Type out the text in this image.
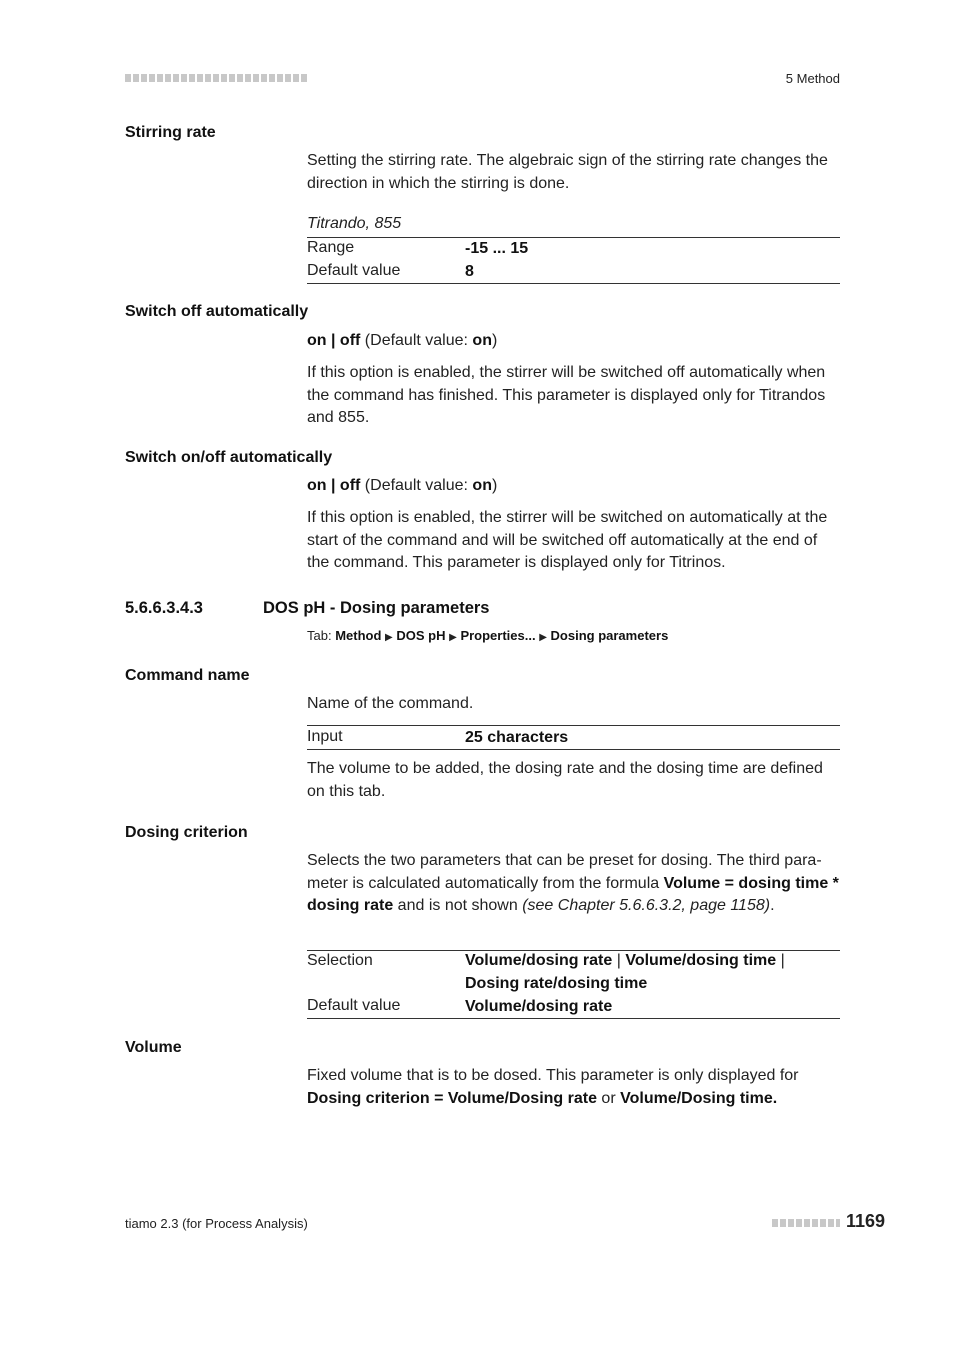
5 Method
Stirring rate
Setting the stirring rate. The algebraic sign of the stirring rate changes the direction in which the stirring is done.
Titrando, 855
Range	-15 ... 15
Default value	8
Switch off automatically
on | off (Default value: on)
If this option is enabled, the stirrer will be switched off automatically when the command has finished. This parameter is displayed only for Titrandos and 855.
Switch on/off automatically
on | off (Default value: on)
If this option is enabled, the stirrer will be switched on automatically at the start of the command and will be switched off automatically at the end of the command. This parameter is displayed only for Titrinos.
5.6.6.3.4.3	DOS pH - Dosing parameters
Tab: Method ▶ DOS pH ▶ Properties... ▶ Dosing parameters
Command name
Name of the command.
Input	25 characters
The volume to be added, the dosing rate and the dosing time are defined on this tab.
Dosing criterion
Selects the two parameters that can be preset for dosing. The third para-meter is calculated automatically from the formula Volume = dosing time * dosing rate and is not shown (see Chapter 5.6.6.3.2, page 1158).
Selection	Volume/dosing rate | Volume/dosing time |
Dosing rate/dosing time
Default value	Volume/dosing rate
Volume
Fixed volume that is to be dosed. This parameter is only displayed for Dosing criterion = Volume/Dosing rate or Volume/Dosing time.
tiamo 2.3 (for Process Analysis)	1169
